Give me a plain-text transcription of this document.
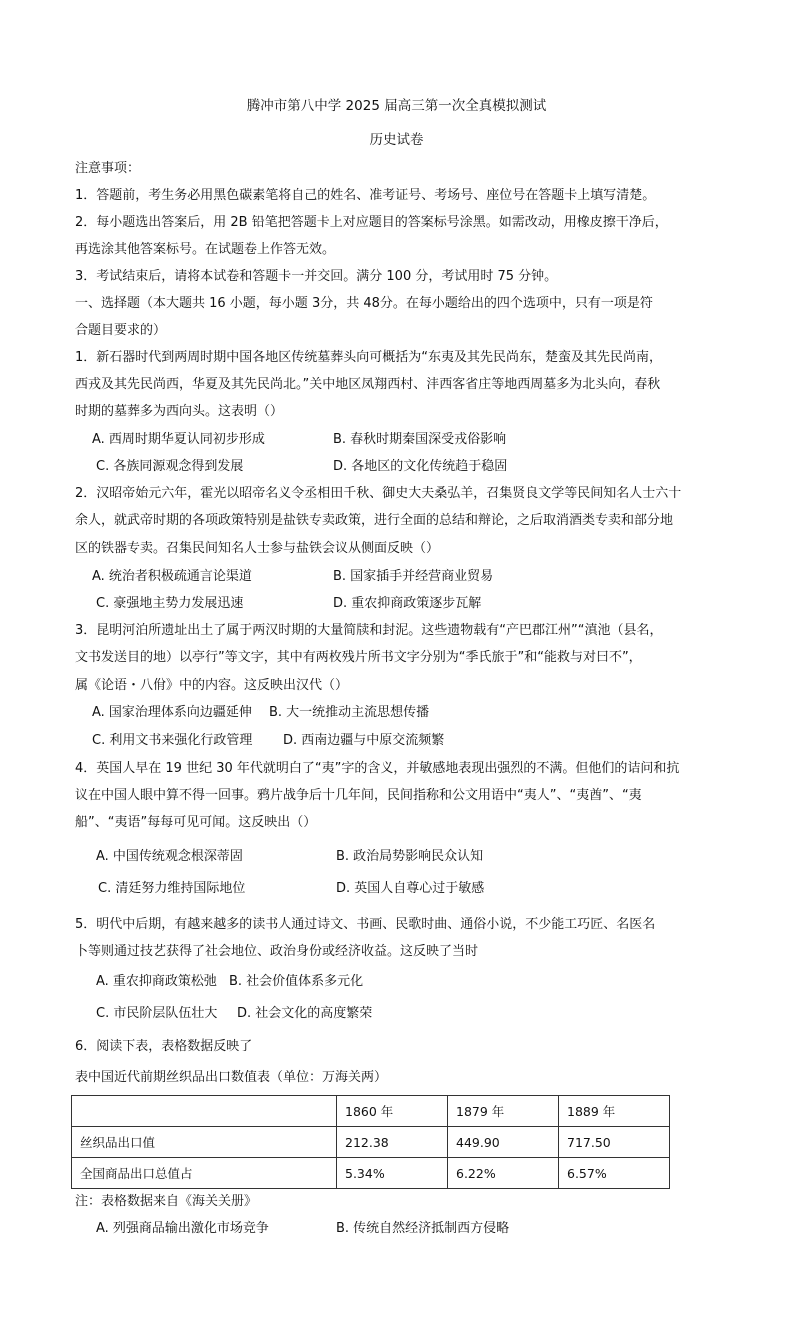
腾冲市第八中学 2025 届高三第一次全真模拟测试
历史试卷
注意事项：
1．答题前，考生务必用黑色碳素笔将自己的姓名、准考证号、考场号、座位号在答题卡上填写清楚。
2．每小题选出答案后，用 2B 铅笔把答题卡上对应题目的答案标号涂黑。如需改动，用橡皮擦干净后，
再选涂其他答案标号。在试题卷上作答无效。
3．考试结束后，请将本试卷和答题卡一并交回。满分 100 分，考试用时 75 分钟。
一、选择题（本大题共 16 小题，每小题 3分，共 48分。在每小题给出的四个选项中，只有一项是符
合题目要求的）
1．新石器时代到两周时期中国各地区传统墓葬头向可概括为“东夷及其先民尚东，楚蛮及其先民尚南，
西戎及其先民尚西，华夏及其先民尚北。”关中地区凤翔西村、沣西客省庄等地西周墓多为北头向，春秋
时期的墓葬多为西向头。这表明（）
A. 西周时期华夏认同初步形成	B. 春秋时期秦国深受戎俗影响
C. 各族同源观念得到发展	D. 各地区的文化传统趋于稳固
2．汉昭帝始元六年，霍光以昭帝名义令丞相田千秋、御史大夫桑弘羊，召集贤良文学等民间知名人士六十
余人，就武帝时期的各项政策特别是盐铁专卖政策，进行全面的总结和辩论，之后取消酒类专卖和部分地
区的铁器专卖。召集民间知名人士参与盐铁会议从侧面反映（）
A. 统治者积极疏通言论渠道	B. 国家插手并经营商业贸易
C. 豪强地主势力发展迅速	D. 重农抑商政策逐步瓦解
3．昆明河泊所遗址出土了属于两汉时期的大量简牍和封泥。这些遗物载有“产巴郡江州”“滇池（县名，
文书发送目的地）以亭行”等文字，其中有两枚残片所书文字分别为“季氏旅于”和“能救与对曰不”，
属《论语・八佾》中的内容。这反映出汉代（）
A. 国家治理体系向边疆延伸 B. 大一统推动主流思想传播
C. 利用文书来强化行政管理 D. 西南边疆与中原交流频繁
4．英国人早在 19 世纪 30 年代就明白了“夷”字的含义，并敏感地表现出强烈的不满。但他们的诘问和抗
议在中国人眼中算不得一回事。鸦片战争后十几年间，民间指称和公文用语中“夷人”、“夷酋”、“夷
船”、“夷语”每每可见可闻。这反映出（）
A. 中国传统观念根深蒂固	B. 政治局势影响民众认知
C. 清廷努力维持国际地位	D. 英国人自尊心过于敏感
5．明代中后期，有越来越多的读书人通过诗文、书画、民歌时曲、通俗小说，不少能工巧匠、名医名
卜等则通过技艺获得了社会地位、政治身份或经济收益。这反映了当时
A. 重农抑商政策松弛 B. 社会价值体系多元化
C. 市民阶层队伍壮大 D. 社会文化的高度繁荣
6．阅读下表，表格数据反映了
表中国近代前期丝织品出口数值表（单位：万海关两）
	1860 年	1879 年	1889 年
丝织品出口值	212.38	449.90	717.50
全国商品出口总值占	5.34%	6.22%	6.57%
注：表格数据来自《海关关册》
A. 列强商品输出激化市场竞争	B. 传统自然经济抵制西方侵略
